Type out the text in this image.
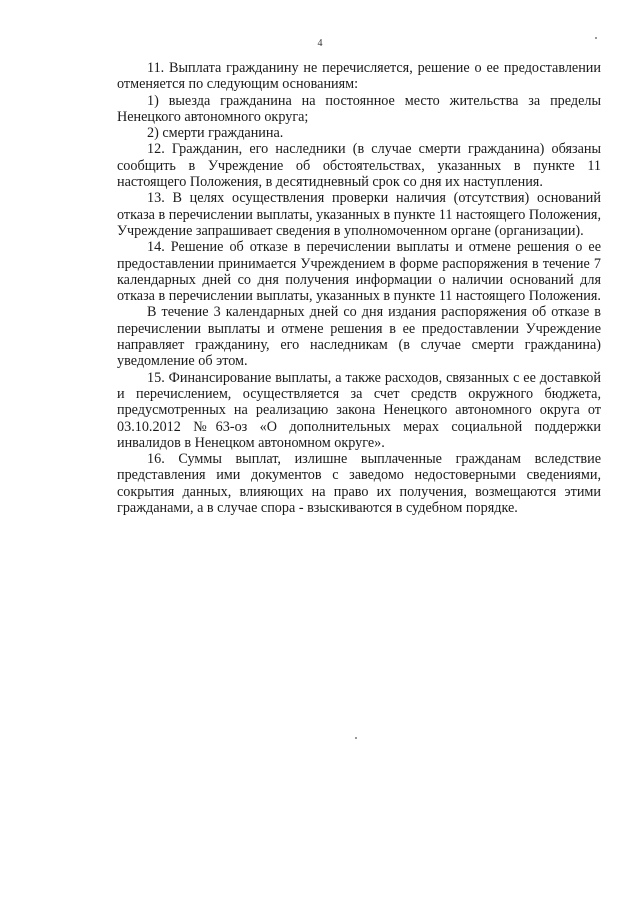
4

11. Выплата гражданину не перечисляется, решение о ее предоставлении отменяется по следующим основаниям:

1) выезда гражданина на постоянное место жительства за пределы Ненецкого автономного округа;

2) смерти гражданина.

12. Гражданин, его наследники (в случае смерти гражданина) обязаны сообщить в Учреждение об обстоятельствах, указанных в пункте 11 настоящего Положения, в десятидневный срок со дня их наступления.

13. В целях осуществления проверки наличия (отсутствия) оснований отказа в перечислении выплаты, указанных в пункте 11 настоящего Положения, Учреждение запрашивает сведения в уполномоченном органе (организации).

14. Решение об отказе в перечислении выплаты и отмене решения о ее предоставлении принимается Учреждением в форме распоряжения в течение 7 календарных дней со дня получения информации о наличии оснований для отказа в перечислении выплаты, указанных в пункте 11 настоящего Положения.

В течение 3 календарных дней со дня издания распоряжения об отказе в перечислении выплаты и отмене решения в ее предоставлении Учреждение направляет гражданину, его наследникам (в случае смерти гражданина) уведомление об этом.

15. Финансирование выплаты, а также расходов, связанных с ее доставкой и перечислением, осуществляется за счет средств окружного бюджета, предусмотренных на реализацию закона Ненецкого автономного округа от 03.10.2012 №63-оз «О дополнительных мерах социальной поддержки инвалидов в Ненецком автономном округе».

16. Суммы выплат, излишне выплаченные гражданам вследствие представления ими документов с заведомо недостоверными сведениями, сокрытия данных, влияющих на право их получения, возмещаются этими гражданами, а в случае спора - взыскиваются в судебном порядке.
